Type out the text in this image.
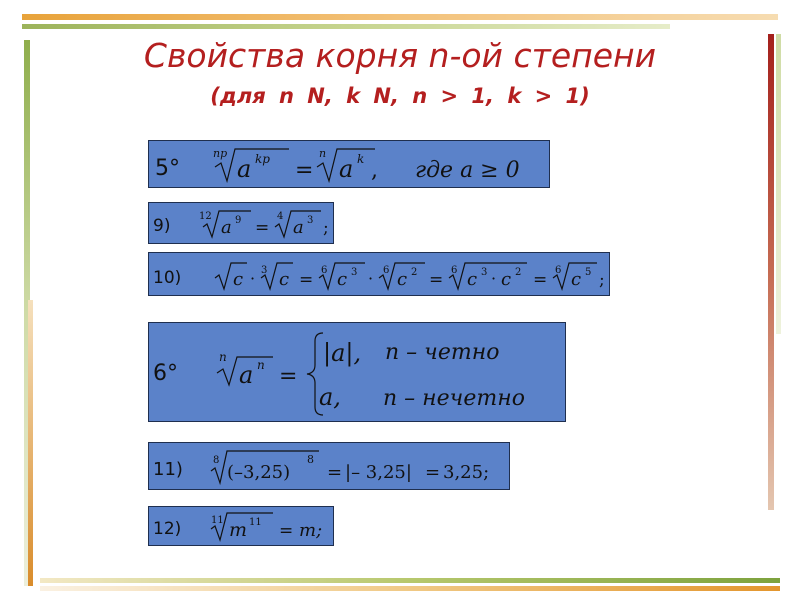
Свойства корня n-ой степени
(для n N, k N, n > 1, k > 1)
5°
np
a kp =
n
a k , где a ≥ 0
9)	12
a 9 =
4
a 3 ;
10)	c · 3 c = 6 c 3 · 6 c 2 = 6 c 3 · c 2 = 6 c 5 ;
6°
n
a n =
|a|, n – четно
a, n – нечетно
11)	8
(–3,25)
8
= |– 3,25| = 3,25;
12)	11 m 11 = m;
